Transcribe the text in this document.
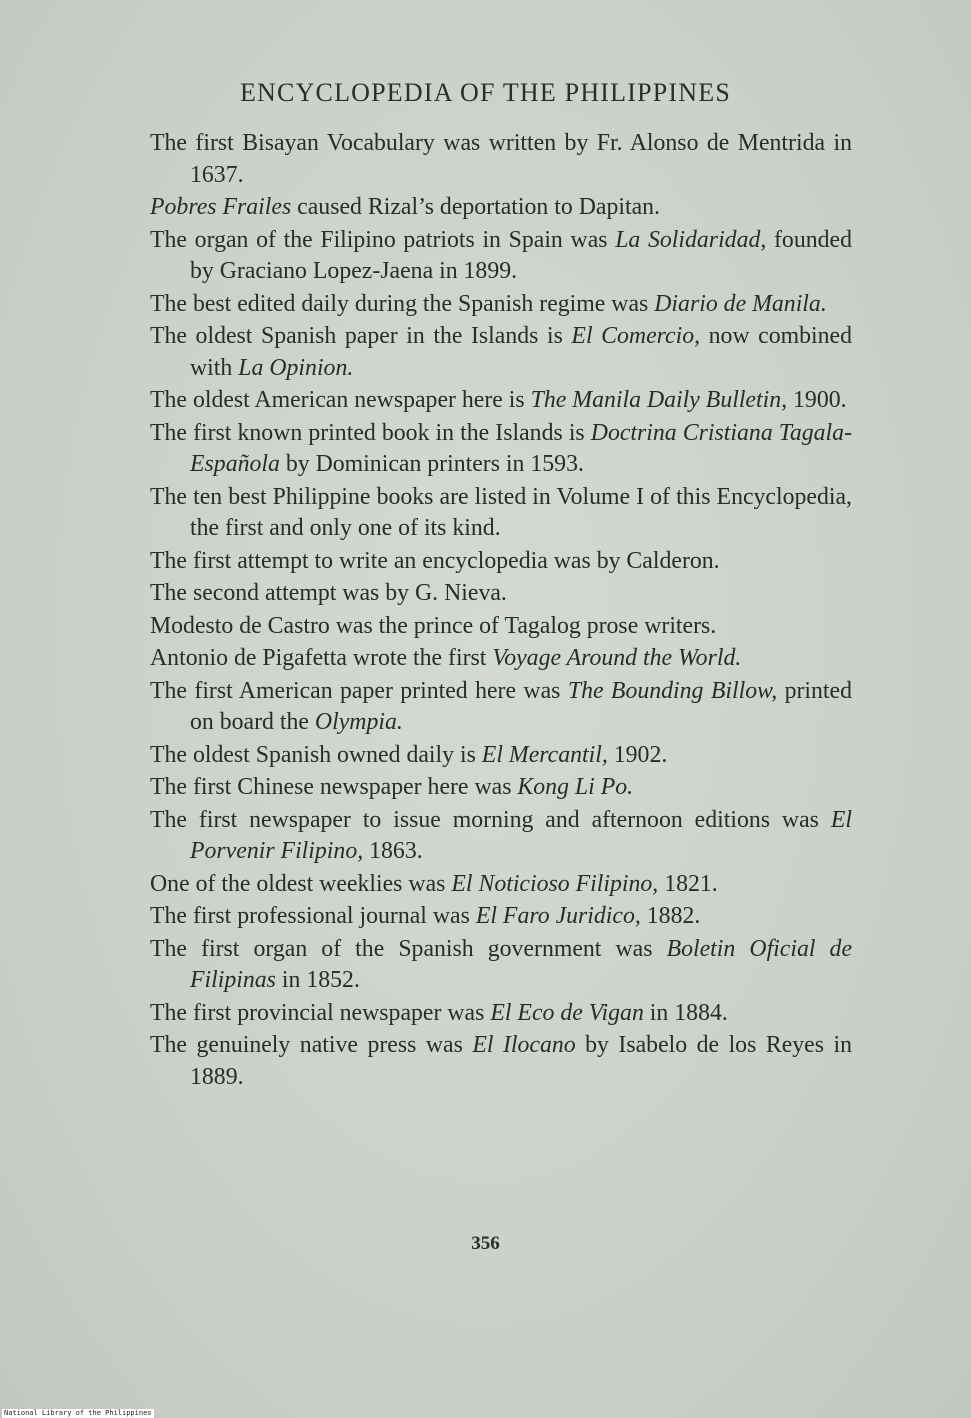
ENCYCLOPEDIA OF THE PHILIPPINES

The first Bisayan Vocabulary was written by Fr. Alonso de Mentrida in 1637.

Pobres Frailes caused Rizal’s deportation to Dapitan.

The organ of the Filipino patriots in Spain was La Solidaridad, founded by Graciano Lopez-Jaena in 1899.

The best edited daily during the Spanish regime was Diario de Manila.

The oldest Spanish paper in the Islands is El Comercio, now combined with La Opinion.

The oldest American newspaper here is The Manila Daily Bulletin, 1900.

The first known printed book in the Islands is Doctrina Cristiana Tagala-Española by Dominican printers in 1593.

The ten best Philippine books are listed in Volume I of this Encyclopedia, the first and only one of its kind.

The first attempt to write an encyclopedia was by Calderon.

The second attempt was by G. Nieva.

Modesto de Castro was the prince of Tagalog prose writers.

Antonio de Pigafetta wrote the first Voyage Around the World.

The first American paper printed here was The Bounding Billow, printed on board the Olympia.

The oldest Spanish owned daily is El Mercantil, 1902.

The first Chinese newspaper here was Kong Li Po.

The first newspaper to issue morning and afternoon editions was El Porvenir Filipino, 1863.

One of the oldest weeklies was El Noticioso Filipino, 1821.

The first professional journal was El Faro Juridico, 1882.

The first organ of the Spanish government was Boletin Oficial de Filipinas in 1852.

The first provincial newspaper was El Eco de Vigan in 1884.

The genuinely native press was El Ilocano by Isabelo de los Reyes in 1889.

356
National Library of the Philippines
